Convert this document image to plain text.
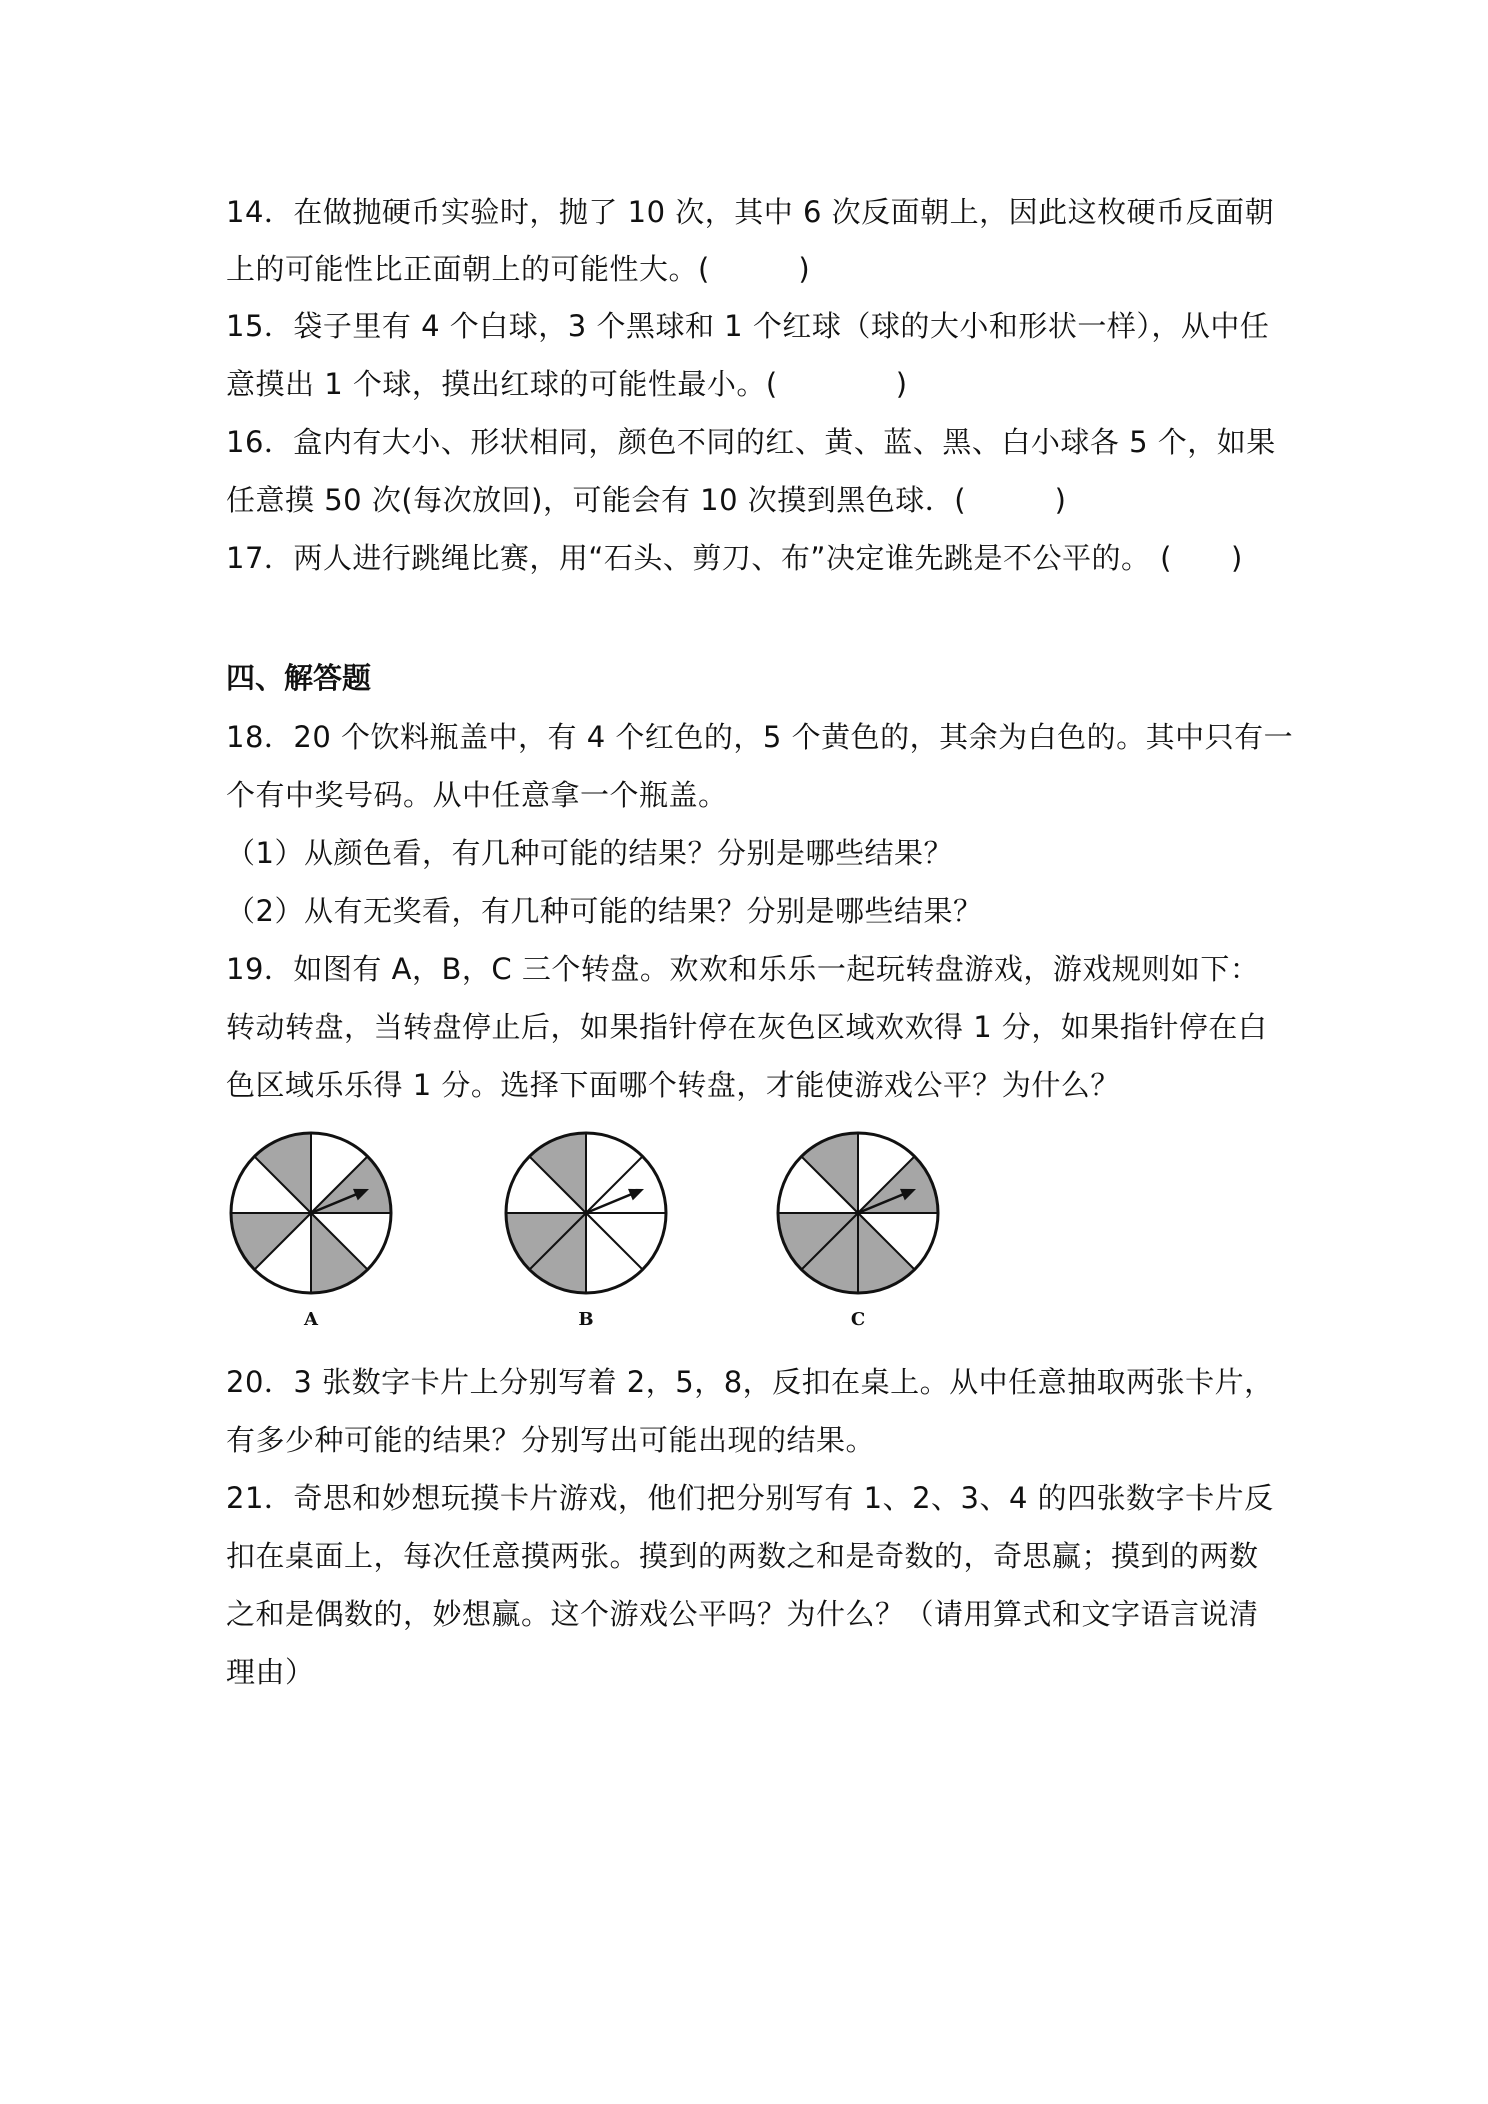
14．在做抛硬币实验时，抛了 10 次，其中 6 次反面朝上，因此这枚硬币反面朝
上的可能性比正面朝上的可能性大。(　　　)
15．袋子里有 4 个白球，3 个黑球和 1 个红球（球的大小和形状一样），从中任
意摸出 1 个球，摸出红球的可能性最小。(　　　　)
16．盒内有大小、形状相同，颜色不同的红、黄、蓝、黑、白小球各 5 个，如果
任意摸 50 次(每次放回)，可能会有 10 次摸到黑色球．(　　　)
17．两人进行跳绳比赛，用“石头、剪刀、布”决定谁先跳是不公平的。 (　　)
四、解答题
18．20 个饮料瓶盖中，有 4 个红色的，5 个黄色的，其余为白色的。其中只有一
个有中奖号码。从中任意拿一个瓶盖。
（1）从颜色看，有几种可能的结果？分别是哪些结果？
（2）从有无奖看，有几种可能的结果？分别是哪些结果？
19．如图有 A，B，C 三个转盘。欢欢和乐乐一起玩转盘游戏，游戏规则如下：
转动转盘，当转盘停止后，如果指针停在灰色区域欢欢得 1 分，如果指针停在白
色区域乐乐得 1 分。选择下面哪个转盘，才能使游戏公平？为什么？
A	B	C
20．3 张数字卡片上分别写着 2，5，8，反扣在桌上。从中任意抽取两张卡片，
有多少种可能的结果？分别写出可能出现的结果。
21．奇思和妙想玩摸卡片游戏，他们把分别写有 1、2、3、4 的四张数字卡片反
扣在桌面上，每次任意摸两张。摸到的两数之和是奇数的，奇思赢；摸到的两数
之和是偶数的，妙想赢。这个游戏公平吗？为什么？（请用算式和文字语言说清
理由）
